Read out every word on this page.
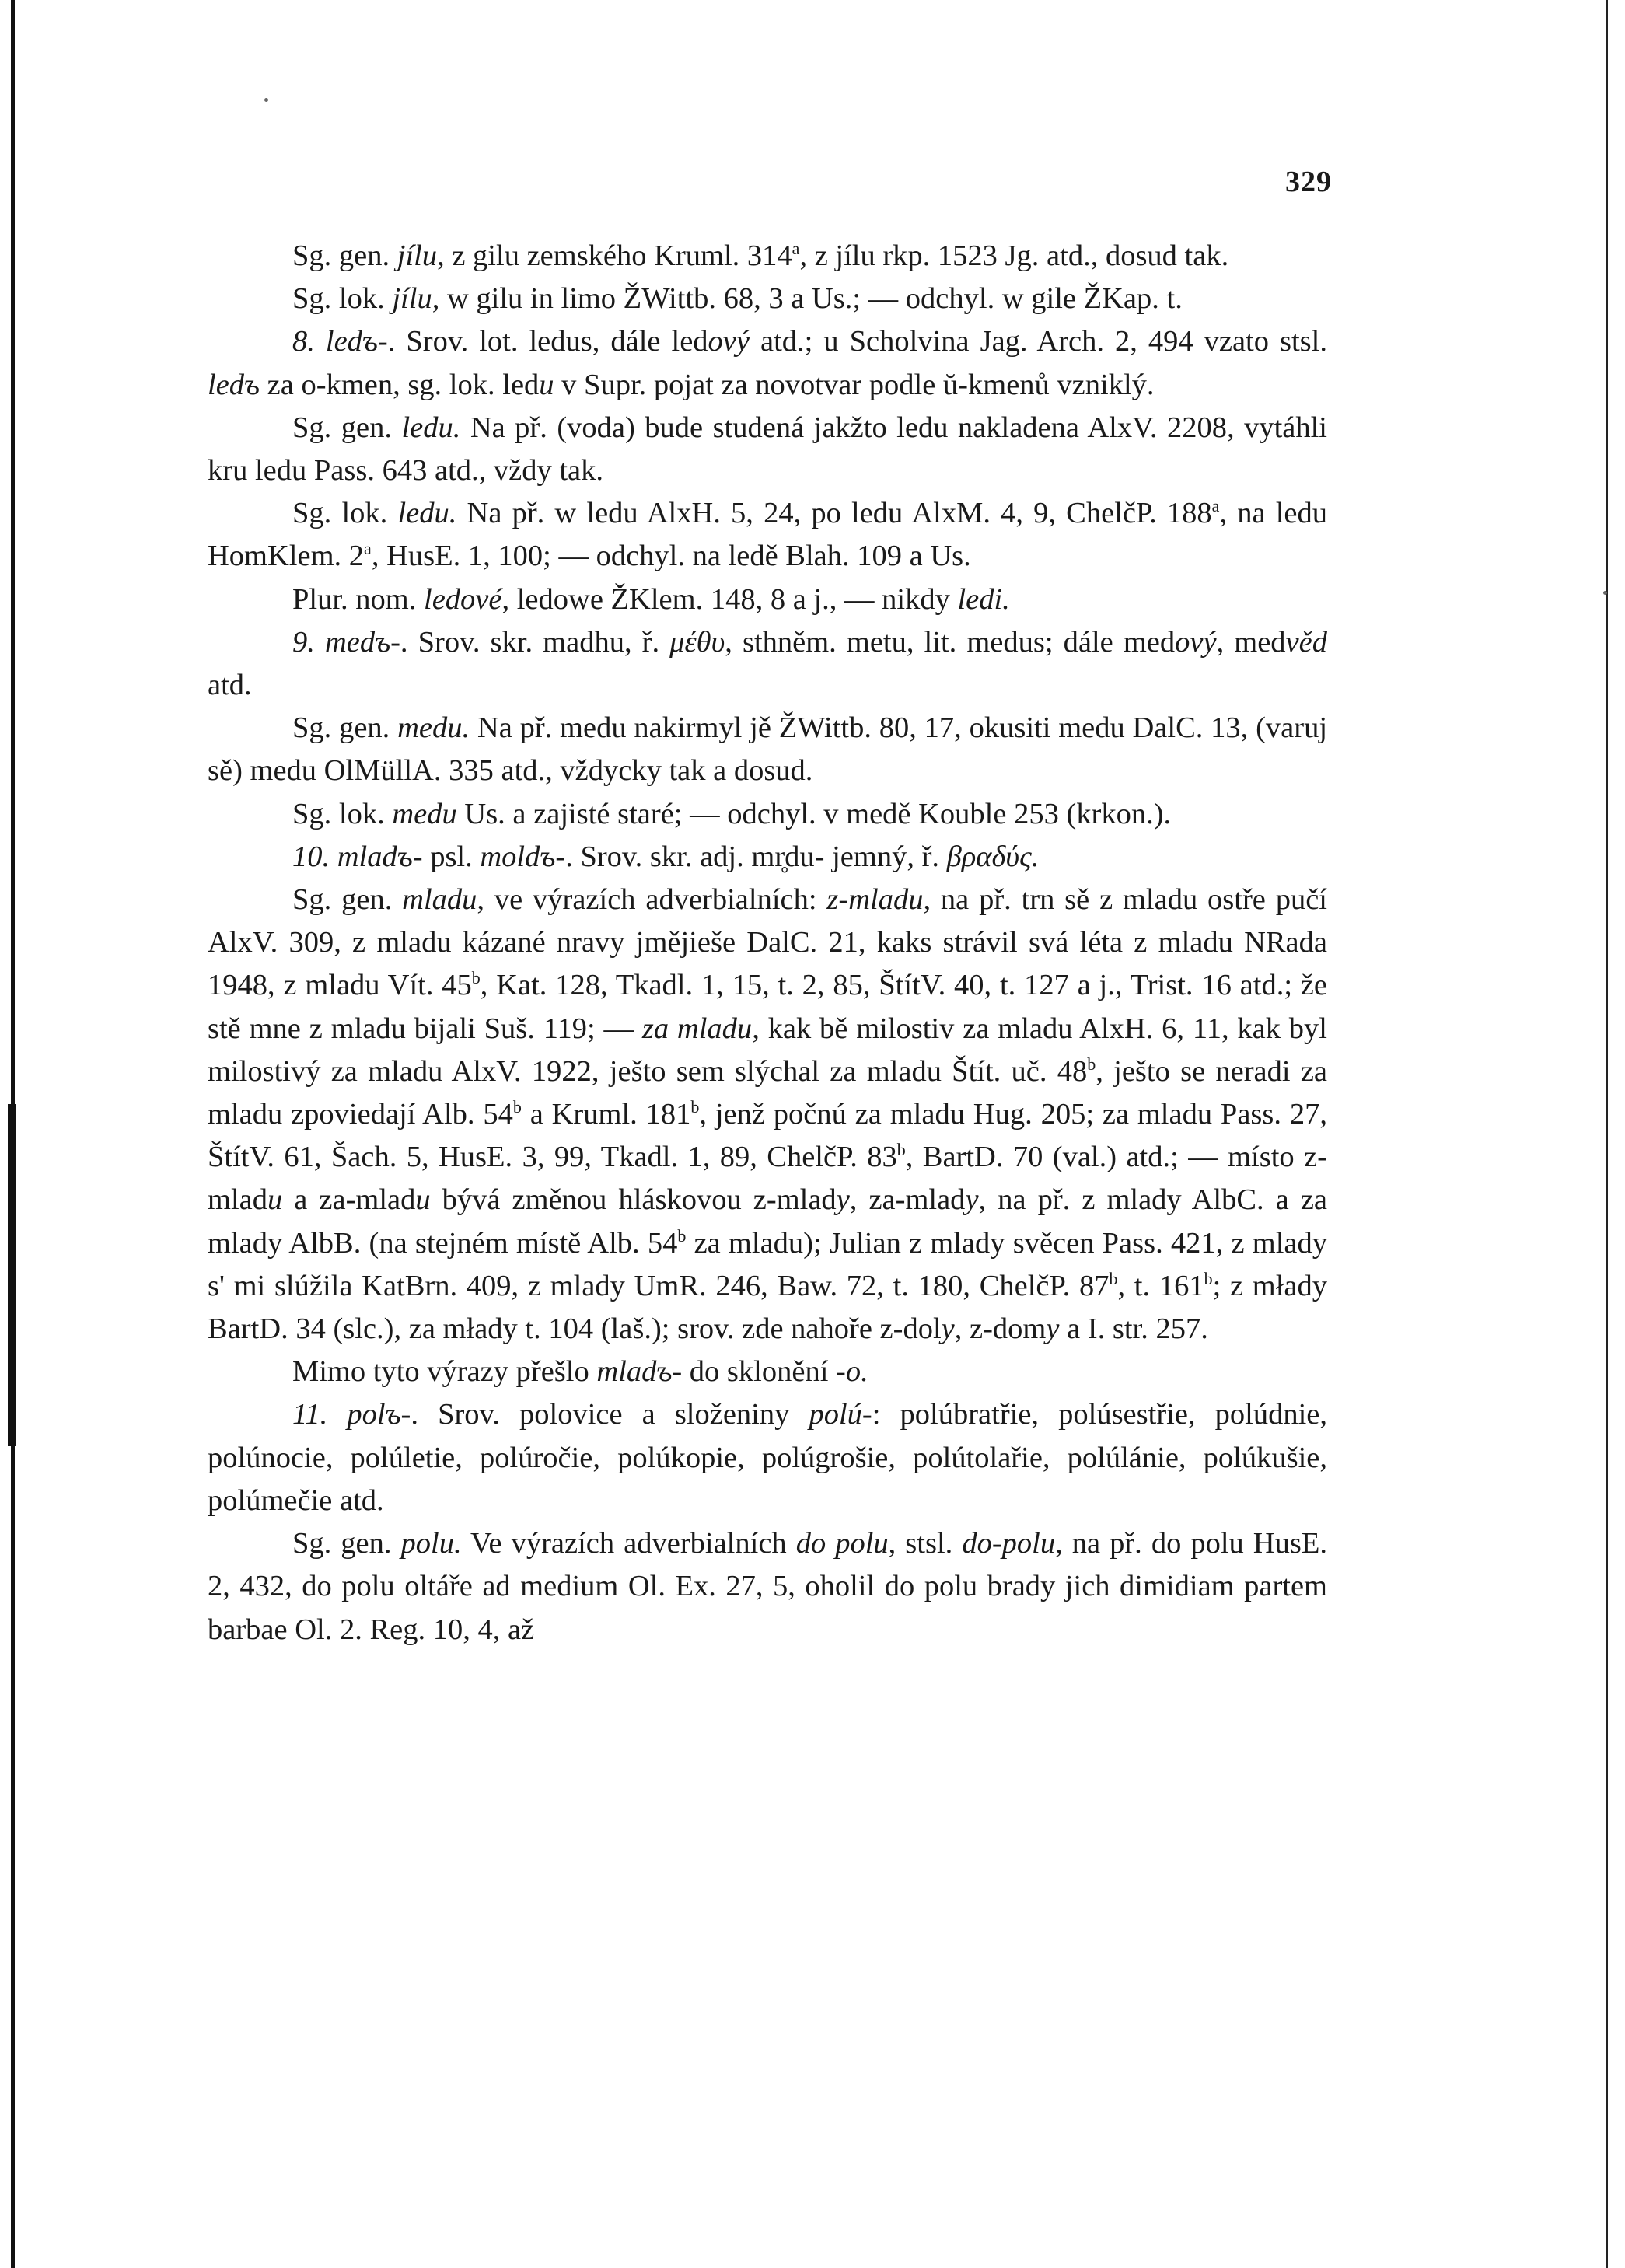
329

Sg. gen. jílu, z gilu zemského Kruml. 314$^a$, z jílu rkp. 1523 Jg. atd., dosud tak.

Sg. lok. jílu, w gilu in limo ŽWittb. 68, 3 a Us.; — odchyl. w gile ŽKap. t.

8. ledъ-. Srov. lot. ledus, dále ledový atd.; u Scholvina Jag. Arch. 2, 494 vzato stsl. ledъ za o-kmen, sg. lok. ledu v Supr. pojat za novotvar podle ŭ-kmenů vzniklý.

Sg. gen. ledu. Na př. (voda) bude studená jakžto ledu nakladena AlxV. 2208, vytáhli kru ledu Pass. 643 atd., vždy tak.

Sg. lok. ledu. Na př. w ledu AlxH. 5, 24, po ledu AlxM. 4, 9, ChelčP. 188$^a$, na ledu HomKlem. 2$^a$, HusE. 1, 100; — odchyl. na ledě Blah. 109 a Us.

Plur. nom. ledové, ledowe ŽKlem. 148, 8 a j., — nikdy ledi.

9. medъ-. Srov. skr. madhu, ř. μέθυ, sthněm. metu, lit. medus; dále medový, medvěd atd.

Sg. gen. medu. Na př. medu nakirmyl jě ŽWittb. 80, 17, okusiti medu DalC. 13, (varuj sě) medu OlMüllA. 335 atd., vždycky tak a dosud.

Sg. lok. medu Us. a zajisté staré; — odchyl. v medě Kouble 253 (krkon.).

10. mladъ- psl. moldъ-. Srov. skr. adj. mr̥du- jemný, ř. βραδύς.

Sg. gen. mladu, ve výrazích adverbialních: z-mladu, na př. trn sě z mladu ostře pučí AlxV. 309, z mladu kázané nravy jmějieše DalC. 21, kaks strávil svá léta z mladu NRada 1948, z mladu Vít. 45$^b$, Kat. 128, Tkadl. 1, 15, t. 2, 85, ŠtítV. 40, t. 127 a j., Trist. 16 atd.; že stě mne z mladu bijali Suš. 119; — za mladu, kak bě milostiv za mladu AlxH. 6, 11, kak byl milostivý za mladu AlxV. 1922, ješto sem slýchal za mladu Štít. uč. 48$^b$, ješto se neradi za mladu zpoviedají Alb. 54$^b$ a Kruml. 181$^b$, jenž počnú za mladu Hug. 205; za mladu Pass. 27, ŠtítV. 61, Šach. 5, HusE. 3, 99, Tkadl. 1, 89, ChelčP. 83$^b$, BartD. 70 (val.) atd.; — místo z-mladu a za-mladu bývá změnou hláskovou z-mlady, za-mlady, na př. z mlady AlbC. a za mlady AlbB. (na stejném místě Alb. 54$^b$ za mladu); Julian z mlady svěcen Pass. 421, z mlady s' mi slúžila KatBrn. 409, z mlady UmR. 246, Baw. 72, t. 180, ChelčP. 87$^b$, t. 161$^b$; z młady BartD. 34 (slc.), za młady t. 104 (laš.); srov. zde nahoře z-doly, z-domy a I. str. 257.

Mimo tyto výrazy přešlo mladъ- do sklonění -o.

11. polъ-. Srov. polovice a složeniny polú-: polúbratřie, polúsestřie, polúdnie, polúnocie, polúletie, polúročie, polúkopie, polúgrošie, polútolařie, polúlánie, polúkušie, polúmečie atd.

Sg. gen. polu. Ve výrazích adverbialních do polu, stsl. do-polu, na př. do polu HusE. 2, 432, do polu oltáře ad medium Ol. Ex. 27, 5, oholil do polu brady jich dimidiam partem barbae Ol. 2. Reg. 10, 4, až
